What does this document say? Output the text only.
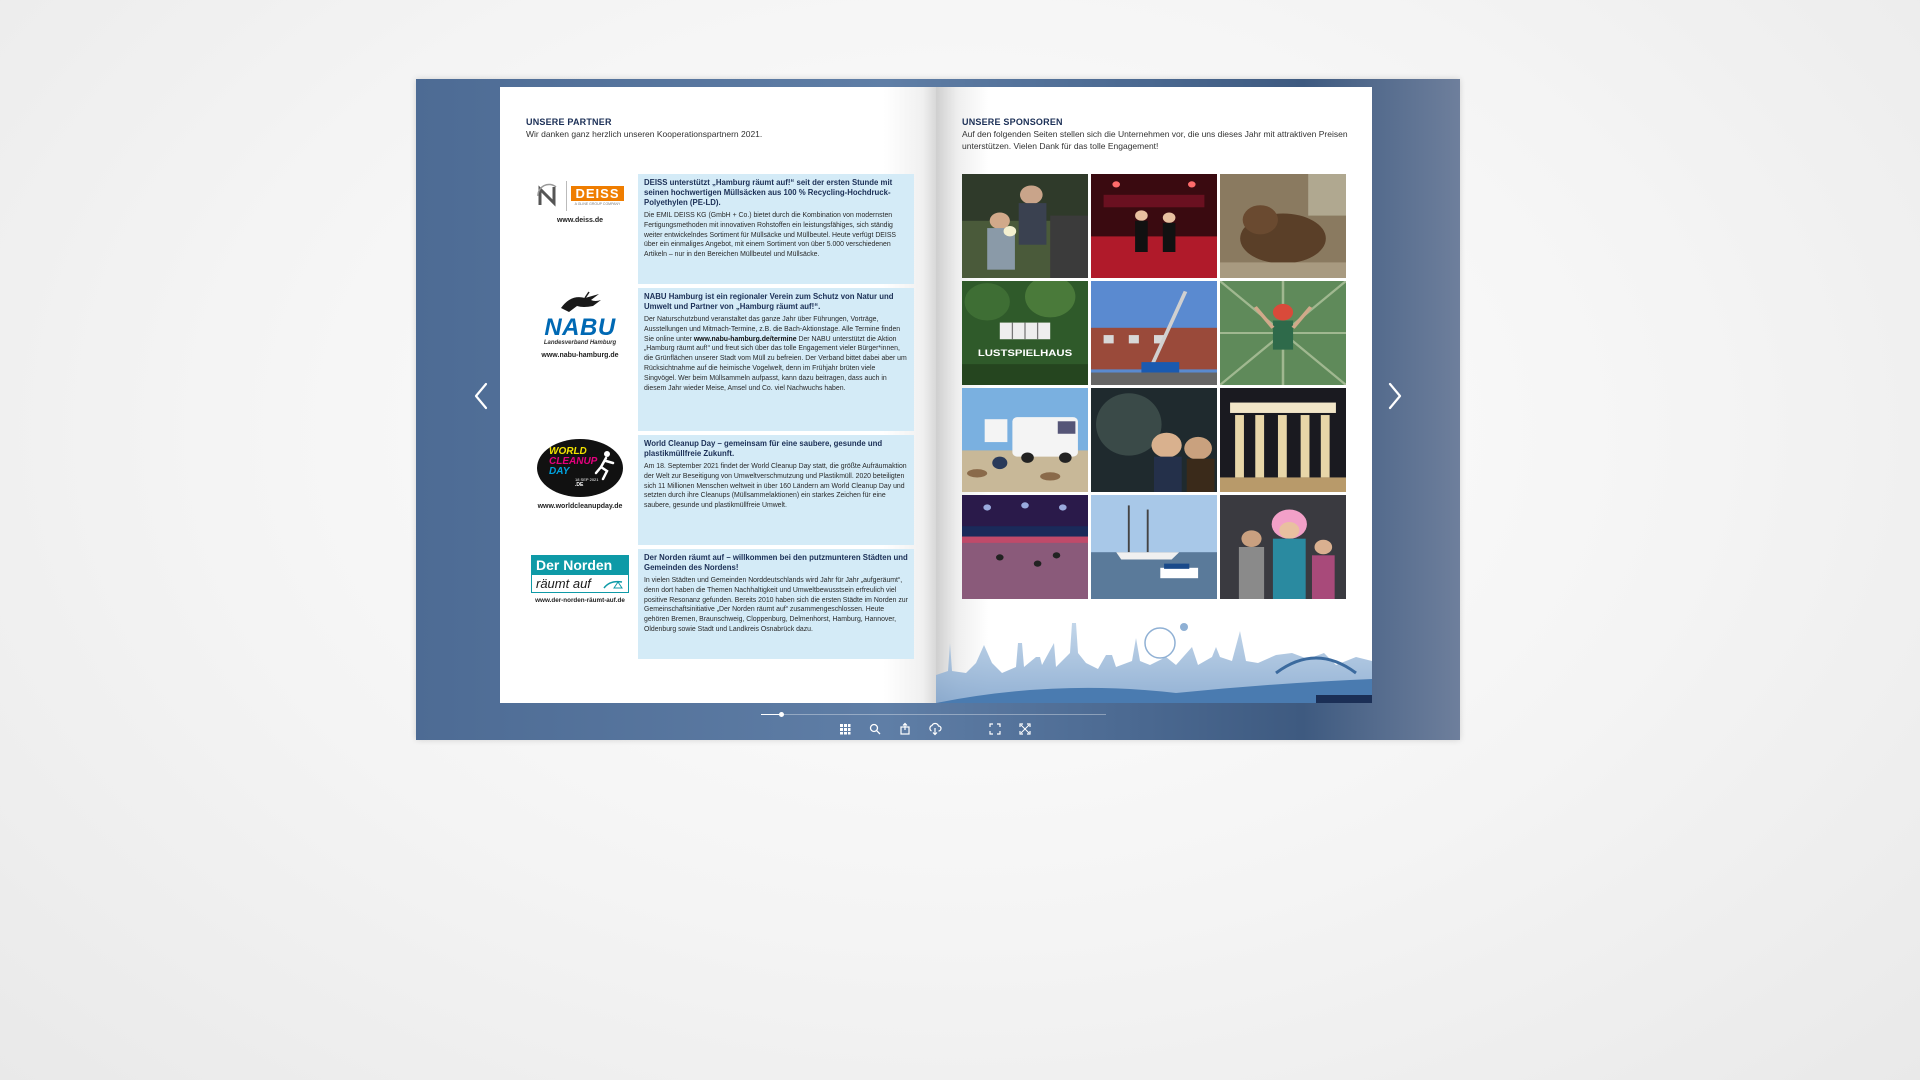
UNSERE PARTNER
Wir danken ganz herzlich unseren Kooperationspartnern 2021.
DEISS
A GLINE GROUP COMPANY
www.deiss.de
DEISS unterstützt „Hamburg räumt auf!“ seit der ersten Stunde mit seinen hochwertigen Müllsäcken aus 100 % Recycling-Hochdruck-Polyethylen (PE-LD).
Die EMIL DEISS KG (GmbH + Co.) bietet durch die Kombination von modernsten Fertigungsmethoden mit innovativen Rohstoffen ein leistungsfähiges, sich ständig weiter entwickelndes Sortiment für Müllsäcke und Müllbeutel. Heute verfügt DEISS über ein einmaliges Angebot, mit einem Sortiment von über 5.000 verschiedenen Artikeln – nur in den Bereichen Müllbeutel und Müllsäcke.
NABU
Landesverband Hamburg
www.nabu-hamburg.de
NABU Hamburg ist ein regionaler Verein zum Schutz von Natur und Umwelt und Partner von „Hamburg räumt auf!“.
Der Naturschutzbund veranstaltet das ganze Jahr über Führungen, Vorträge, Ausstellungen und Mitmach-Termine, z.B. die Bach-Aktionstage. Alle Termine finden Sie online unter www.nabu-hamburg.de/termine Der NABU unterstützt die Aktion „Hamburg räumt auf!“ und freut sich über das tolle Engagement vieler Bürger*innen, die Grünflächen unserer Stadt vom Müll zu befreien. Der Verband bittet dabei aber um Rücksichtnahme auf die heimische Vogelwelt, denn im Frühjahr brüten viele Singvögel. Wer beim Müllsammeln aufpasst, kann dazu beitragen, dass auch in diesem Jahr wieder Meise, Amsel und Co. viel Nachwuchs haben.
WORLD
CLEANUP
DAY
18 SEP 2021
.DE
www.worldcleanupday.de
World Cleanup Day – gemeinsam für eine saubere, gesunde und plastikmüllfreie Zukunft.
Am 18. September 2021 findet der World Cleanup Day statt, die größte Aufräumaktion der Welt zur Beseitigung von Umweltverschmutzung und Plastikmüll. 2020 beteiligten sich 11 Millionen Menschen weltweit in über 160 Ländern am World Cleanup Day und setzten durch ihre Cleanups (Müllsammelaktionen) ein starkes Zeichen für eine saubere, gesunde und plastikmüllfreie Umwelt.
Der Norden
räumt auf
www.der-norden-räumt-auf.de
Der Norden räumt auf – willkommen bei den putzmunteren Städten und Gemeinden des Nordens!
In vielen Städten und Gemeinden Norddeutschlands wird Jahr für Jahr „aufgeräumt“, denn dort haben die Themen Nachhaltigkeit und Umweltbewusstsein erfreulich viel positive Resonanz gefunden. Bereits 2010 haben sich die ersten Städte im Norden zur Gemeinschaftsinitiative „Der Norden räumt auf“ zusammengeschlossen. Heute gehören Bremen, Braunschweig, Cloppenburg, Delmenhorst, Hamburg, Hannover, Oldenburg sowie Stadt und Landkreis Osnabrück dazu.
UNSERE SPONSOREN
Auf den folgenden Seiten stellen sich die Unternehmen vor, die uns dieses Jahr mit attraktiven Preisen unterstützen. Vielen Dank für das tolle Engagement!
LUSTSPIELHAUS
